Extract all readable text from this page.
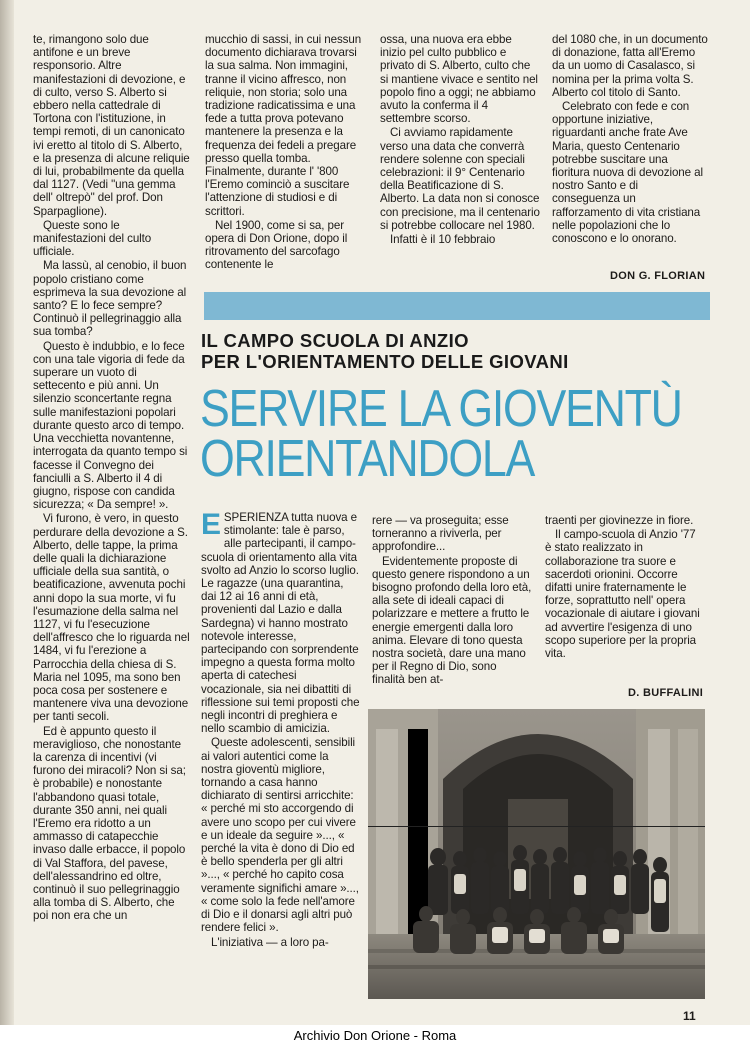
te, rimangono solo due antifone e un breve responsorio. Altre manifestazioni di devozione, e di culto, verso S. Alberto si ebbero nella cattedrale di Tortona con l'istituzione, in tempi remoti, di un canonicato ivi eretto al titolo di S. Alberto, e la presenza di alcune reliquie di lui, probabilmente da quella dal 1127. (Vedi "una gemma dell' oltrepò" del prof. Don Sparpaglione).

Queste sono le manifestazioni del culto ufficiale.

Ma lassù, al cenobio, il buon popolo cristiano come esprimeva la sua devozione al santo? E lo fece sempre? Continuò il pellegrinaggio alla sua tomba?

Questo è indubbio, e lo fece con una tale vigoria di fede da superare un vuoto di settecento e più anni. Un silenzio sconcertante regna sulle manifestazioni popolari durante questo arco di tempo. Una vecchietta novantenne, interrogata da quanto tempo si facesse il Convegno dei fanciulli a S. Alberto il 4 di giugno, rispose con candida sicurezza; « Da sempre! ».

Vi furono, è vero, in questo perdurare della devozione a S. Alberto, delle tappe, la prima delle quali la dichiarazione ufficiale della sua santità, o beatificazione, avvenuta pochi anni dopo la sua morte, vi fu l'esumazione della salma nel 1127, vi fu l'esecuzione dell'affresco che lo riguarda nel 1484, vi fu l'erezione a Parrocchia della chiesa di S. Maria nel 1095, ma sono ben poca cosa per sostenere e mantenere viva una devozione per tanti secoli.

Ed è appunto questo il meraviglioso, che nonostante la carenza di incentivi (vi furono dei miracoli? Non si sa; è probabile) e nonostante l'abbandono quasi totale, durante 350 anni, nei quali l'Eremo era ridotto a un ammasso di catapecchie invaso dalle erbacce, il popolo di Val Staffora, del pavese, dell'alessandrino ed oltre, continuò il suo pellegrinaggio alla tomba di S. Alberto, che poi non era che un

mucchio di sassi, in cui nessun documento dichiarava trovarsi la sua salma. Non immagini, tranne il vicino affresco, non reliquie, non storia; solo una tradizione radicatissima e una fede a tutta prova potevano mantenere la presenza e la frequenza dei fedeli a pregare presso quella tomba. Finalmente, durante l' '800 l'Eremo cominciò a suscitare l'attenzione di studiosi e di scrittori.

Nel 1900, come si sa, per opera di Don Orione, dopo il ritrovamento del sarcofago contenente le

ossa, una nuova era ebbe inizio pel culto pubblico e privato di S. Alberto, culto che si mantiene vivace e sentito nel popolo fino a oggi; ne abbiamo avuto la conferma il 4 settembre scorso.

Ci avviamo rapidamente verso una data che converrà rendere solenne con speciali celebrazioni: il 9° Centenario della Beatificazione di S. Alberto. La data non si conosce con precisione, ma il centenario si potrebbe collocare nel 1980.

Infatti è il 10 febbraio

del 1080 che, in un documento di donazione, fatta all'Eremo da un uomo di Casalasco, si nomina per la prima volta S. Alberto col titolo di Santo.

Celebrato con fede e con opportune iniziative, riguardanti anche frate Ave Maria, questo Centenario potrebbe suscitare una fioritura nuova di devozione al nostro Santo e di conseguenza un rafforzamento di vita cristiana nelle popolazioni che lo conoscono e lo onorano.

DON G. FLORIAN
IL CAMPO SCUOLA DI ANZIO
PER L'ORIENTAMENTO DELLE GIOVANI
SERVIRE LA GIOVENTÙ
ORIENTANDOLA

ESPERIENZA tutta nuova e stimolante: tale è parso, alle partecipanti, il campo-scuola di orientamento alla vita svolto ad Anzio lo scorso luglio. Le ragazze (una quarantina, dai 12 ai 16 anni di età, provenienti dal Lazio e dalla Sardegna) vi hanno mostrato notevole interesse, partecipando con sorprendente impegno a questa forma molto aperta di catechesi vocazionale, sia nei dibattiti di riflessione sui temi proposti che negli incontri di preghiera e nello scambio di amicizia.

Queste adolescenti, sensibili ai valori autentici come la nostra gioventù migliore, tornando a casa hanno dichiarato di sentirsi arricchite: « perché mi sto accorgendo di avere uno scopo per cui vivere e un ideale da seguire »..., « perché la vita è dono di Dio ed è bello spenderla per gli altri »..., « perché ho capito cosa veramente significhi amare »..., « come solo la fede nell'amore di Dio e il donarsi agli altri può rendere felici ».

L'iniziativa — a loro pa-

rere — va proseguita; esse torneranno a riviverla, per approfondire...

Evidentemente proposte di questo genere rispondono a un bisogno profondo della loro età, alla sete di ideali capaci di polarizzare e mettere a frutto le energie emergenti dalla loro anima. Elevare di tono questa nostra società, dare una mano per il Regno di Dio, sono finalità ben at-

traenti per giovinezze in fiore.

Il campo-scuola di Anzio '77 è stato realizzato in collaborazione tra suore e sacerdoti orionini. Occorre difatti unire fraternamente le forze, soprattutto nell' opera vocazionale di aiutare i giovani ad avvertire l'esigenza di uno scopo superiore per la propria vita.

D. BUFFALINI
11
Archivio Don Orione - Roma
